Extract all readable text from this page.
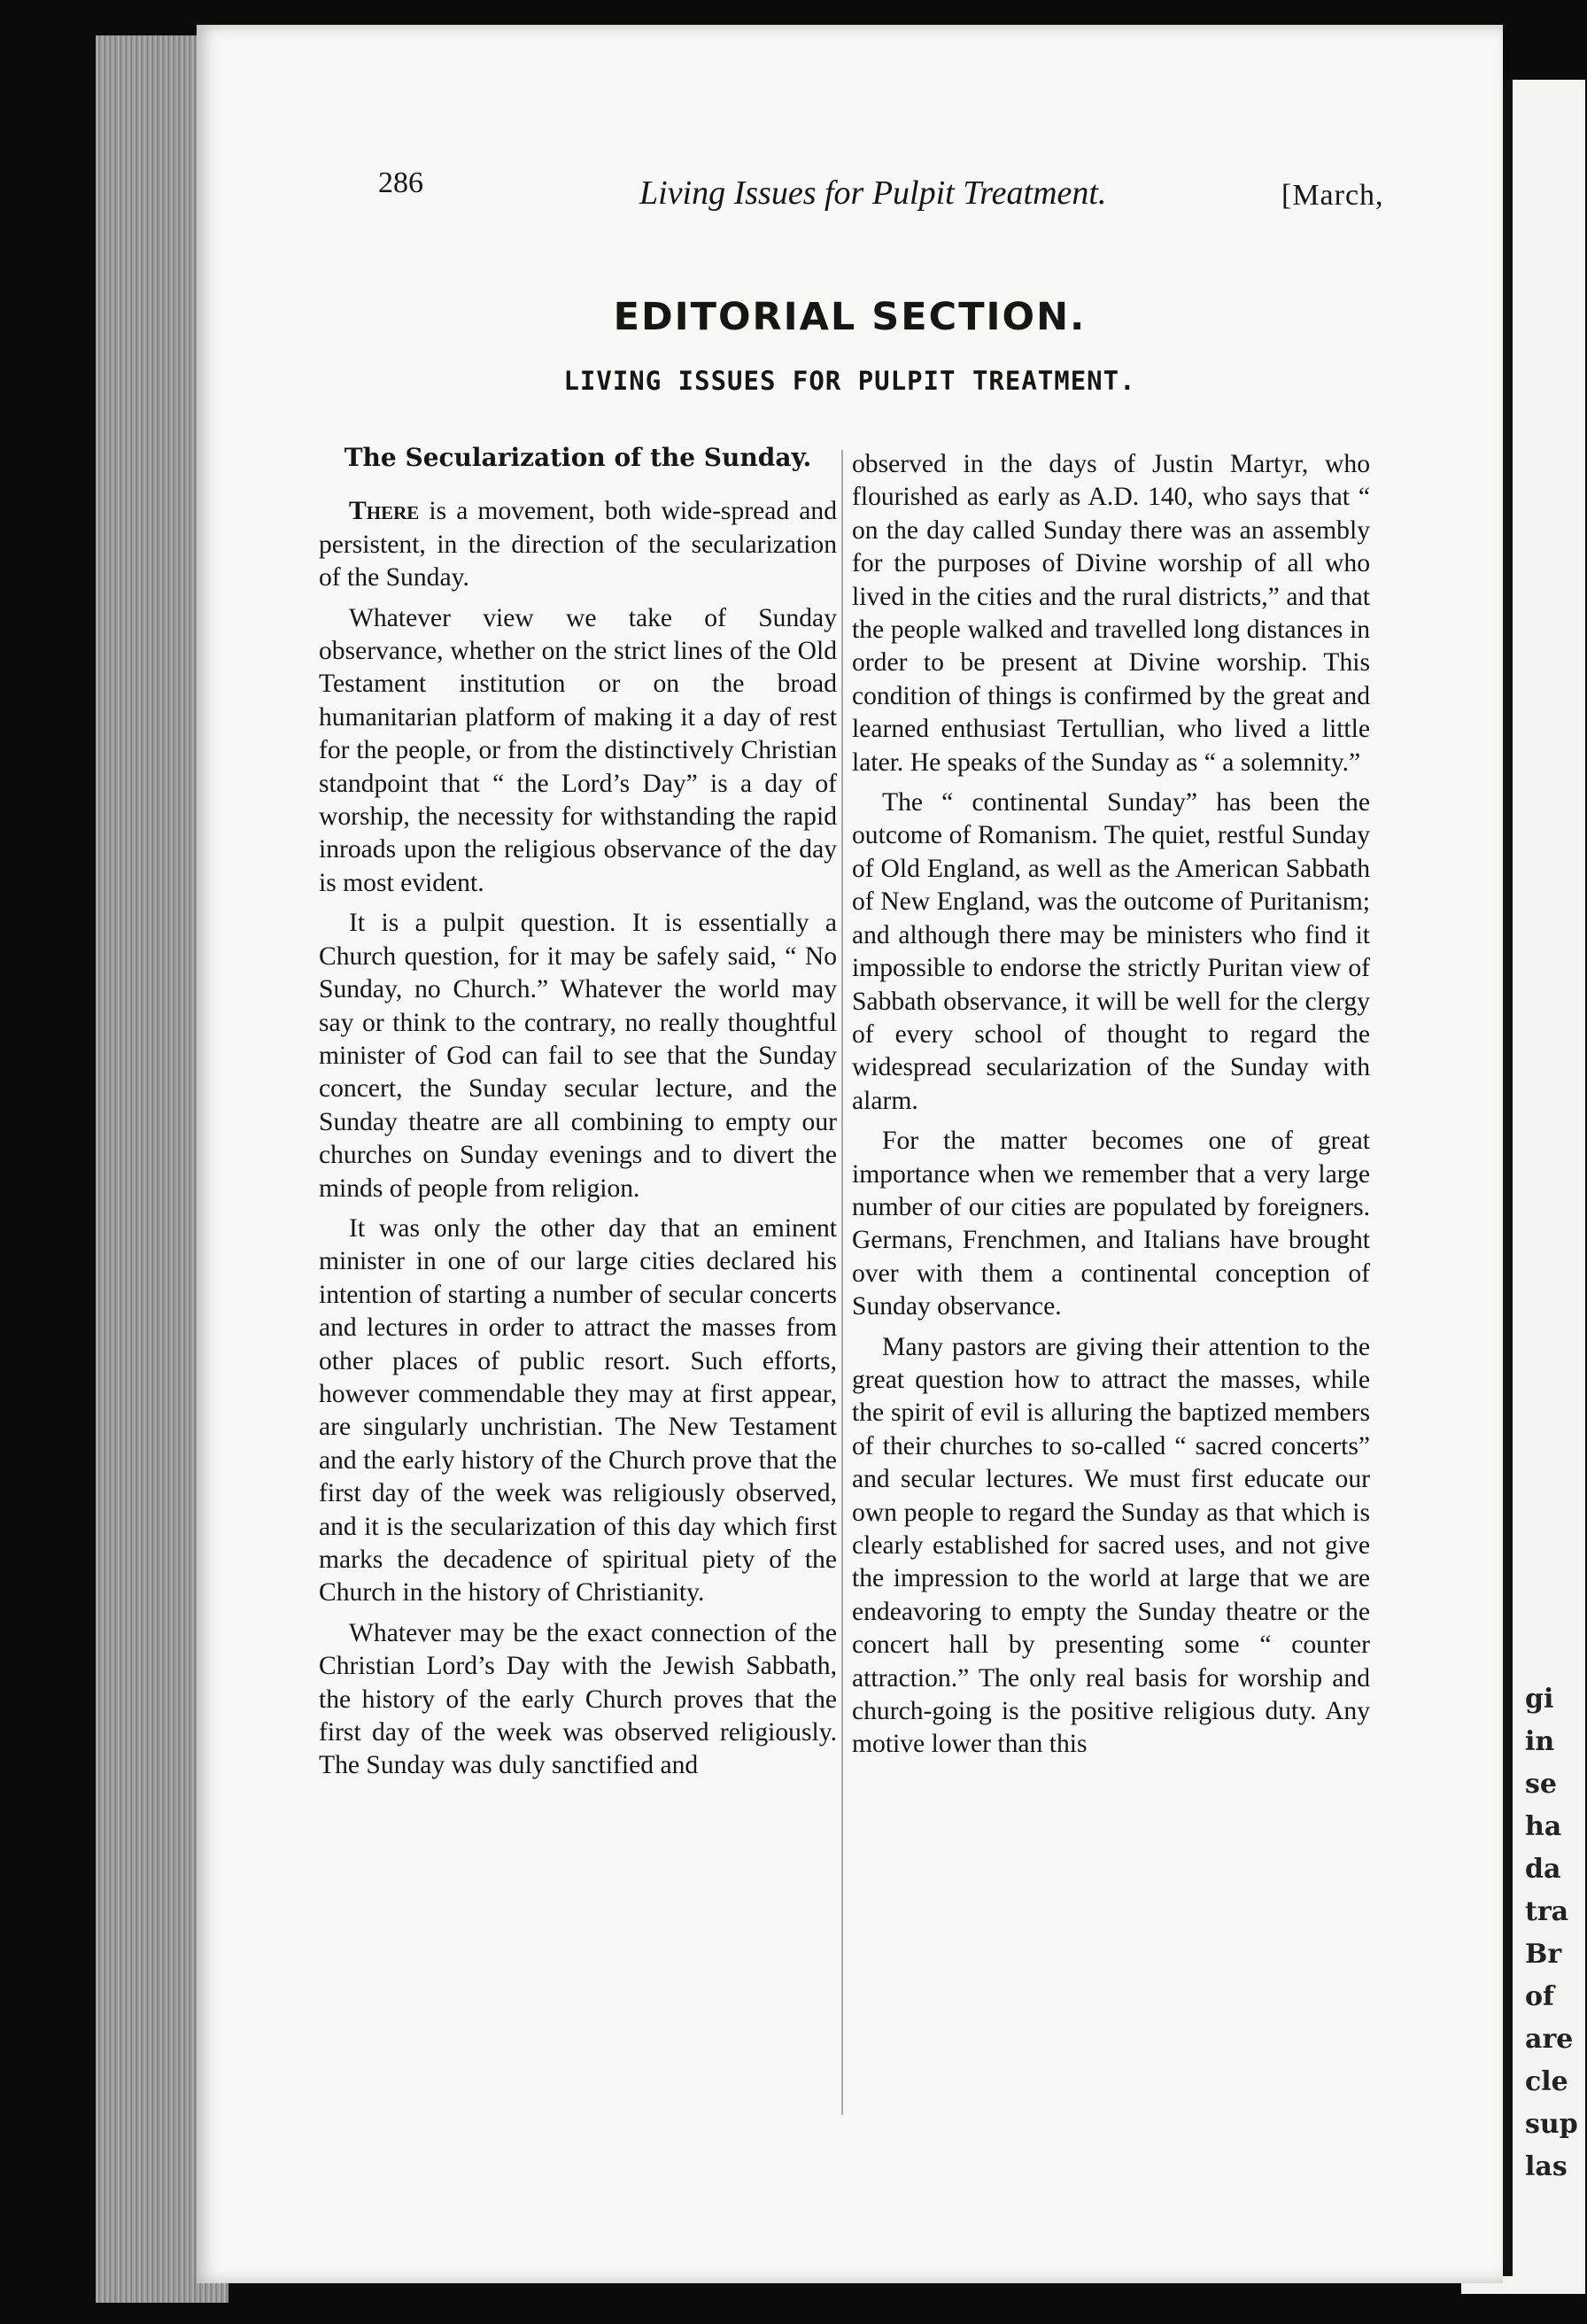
286	Living Issues for Pulpit Treatment.	[March,
EDITORIAL SECTION.
LIVING ISSUES FOR PULPIT TREATMENT.
The Secularization of the Sunday.

There is a movement, both wide-spread and persistent, in the direction of the secularization of the Sunday.

Whatever view we take of Sunday observance, whether on the strict lines of the Old Testament institution or on the broad humanitarian platform of making it a day of rest for the people, or from the distinctively Christian standpoint that “ the Lord’s Day” is a day of worship, the necessity for withstanding the rapid inroads upon the religious observance of the day is most evident.

It is a pulpit question. It is essentially a Church question, for it may be safely said, “ No Sunday, no Church.” Whatever the world may say or think to the contrary, no really thoughtful minister of God can fail to see that the Sunday concert, the Sunday secular lecture, and the Sunday theatre are all combining to empty our churches on Sunday evenings and to divert the minds of people from religion.

It was only the other day that an eminent minister in one of our large cities declared his intention of starting a number of secular concerts and lectures in order to attract the masses from other places of public resort. Such efforts, however commendable they may at first appear, are singularly unchristian. The New Testament and the early history of the Church prove that the first day of the week was religiously observed, and it is the secularization of this day which first marks the decadence of spiritual piety of the Church in the history of Christianity.

Whatever may be the exact connection of the Christian Lord’s Day with the Jewish Sabbath, the history of the early Church proves that the first day of the week was observed religiously. The Sunday was duly sanctified and

observed in the days of Justin Martyr, who flourished as early as A.D. 140, who says that “ on the day called Sunday there was an assembly for the purposes of Divine worship of all who lived in the cities and the rural districts,” and that the people walked and travelled long distances in order to be present at Divine worship. This condition of things is confirmed by the great and learned enthusiast Tertullian, who lived a little later. He speaks of the Sunday as “ a solemnity.”

The “ continental Sunday” has been the outcome of Romanism. The quiet, restful Sunday of Old England, as well as the American Sabbath of New England, was the outcome of Puritanism; and although there may be ministers who find it impossible to endorse the strictly Puritan view of Sabbath observance, it will be well for the clergy of every school of thought to regard the widespread secularization of the Sunday with alarm.

For the matter becomes one of great importance when we remember that a very large number of our cities are populated by foreigners. Germans, Frenchmen, and Italians have brought over with them a continental conception of Sunday observance.

Many pastors are giving their attention to the great question how to attract the masses, while the spirit of evil is alluring the baptized members of their churches to so-called “ sacred concerts” and secular lectures. We must first educate our own people to regard the Sunday as that which is clearly established for sacred uses, and not give the impression to the world at large that we are endeavoring to empty the Sunday theatre or the concert hall by presenting some “ counter attraction.” The only real basis for worship and church-going is the positive religious duty. Any motive lower than this

gi
in
se
ha
da
tra
Br
of
are
cle
sup
las
